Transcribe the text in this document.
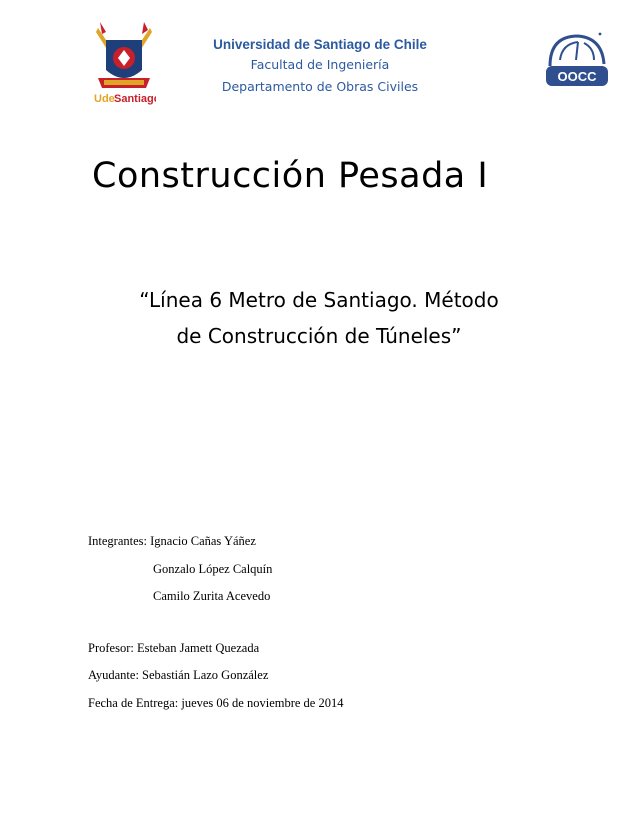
Ude Santiago
Universidad de Santiago de Chile
Facultad de Ingeniería
Departamento de Obras Civiles
OOCC
Construcción Pesada I
“Línea 6 Metro de Santiago. Método
de Construcción de Túneles”
Integrantes: Ignacio Cañas Yáñez
Gonzalo López Calquín
Camilo Zurita Acevedo
Profesor: Esteban Jamett Quezada
Ayudante: Sebastián Lazo González
Fecha de Entrega: jueves 06 de noviembre de 2014
